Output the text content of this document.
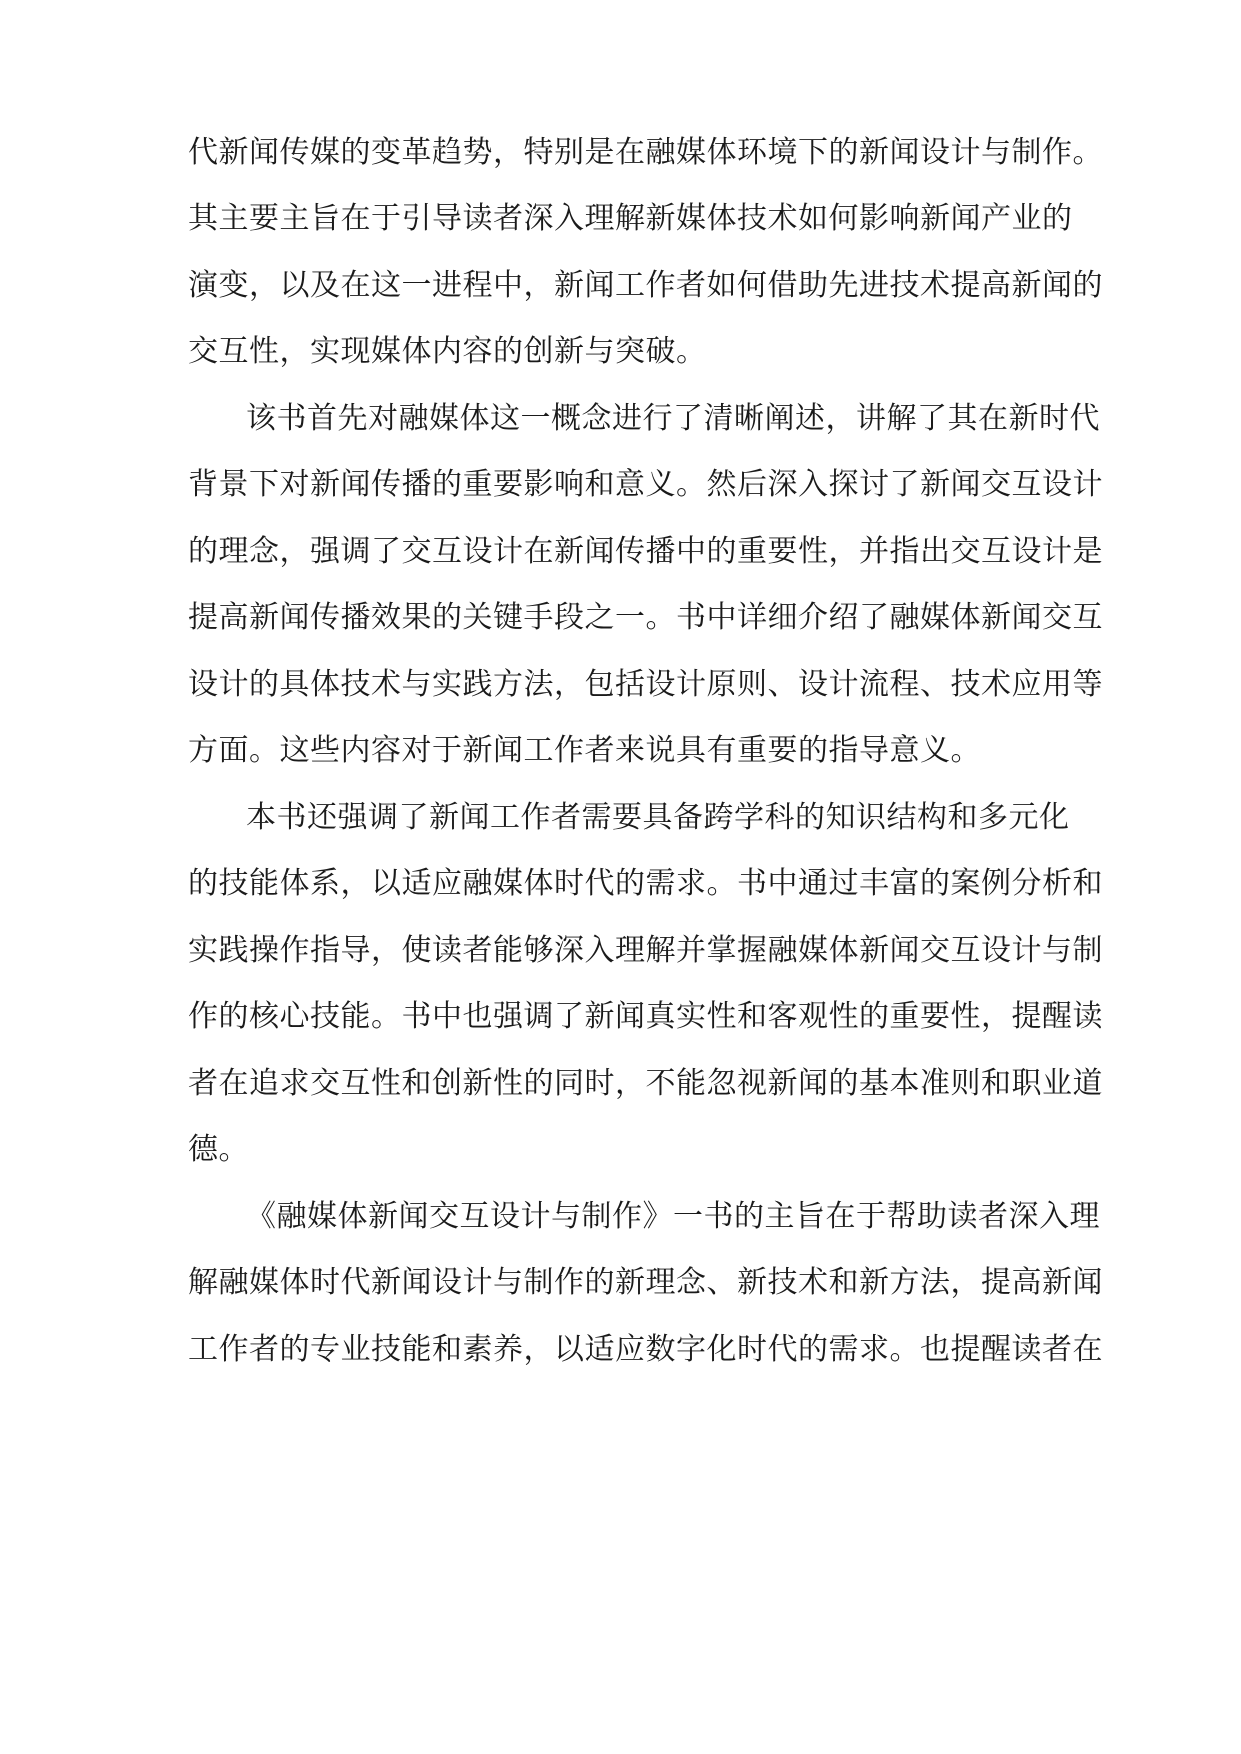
代新闻传媒的变革趋势，特别是在融媒体环境下的新闻设计与制作。
其主要主旨在于引导读者深入理解新媒体技术如何影响新闻产业的
演变，以及在这一进程中，新闻工作者如何借助先进技术提高新闻的
交互性，实现媒体内容的创新与突破。
该书首先对融媒体这一概念进行了清晰阐述，讲解了其在新时代
背景下对新闻传播的重要影响和意义。然后深入探讨了新闻交互设计
的理念，强调了交互设计在新闻传播中的重要性，并指出交互设计是
提高新闻传播效果的关键手段之一。书中详细介绍了融媒体新闻交互
设计的具体技术与实践方法，包括设计原则、设计流程、技术应用等
方面。这些内容对于新闻工作者来说具有重要的指导意义。
本书还强调了新闻工作者需要具备跨学科的知识结构和多元化
的技能体系，以适应融媒体时代的需求。书中通过丰富的案例分析和
实践操作指导，使读者能够深入理解并掌握融媒体新闻交互设计与制
作的核心技能。书中也强调了新闻真实性和客观性的重要性，提醒读
者在追求交互性和创新性的同时，不能忽视新闻的基本准则和职业道
德。
《融媒体新闻交互设计与制作》一书的主旨在于帮助读者深入理
解融媒体时代新闻设计与制作的新理念、新技术和新方法，提高新闻
工作者的专业技能和素养，以适应数字化时代的需求。也提醒读者在
